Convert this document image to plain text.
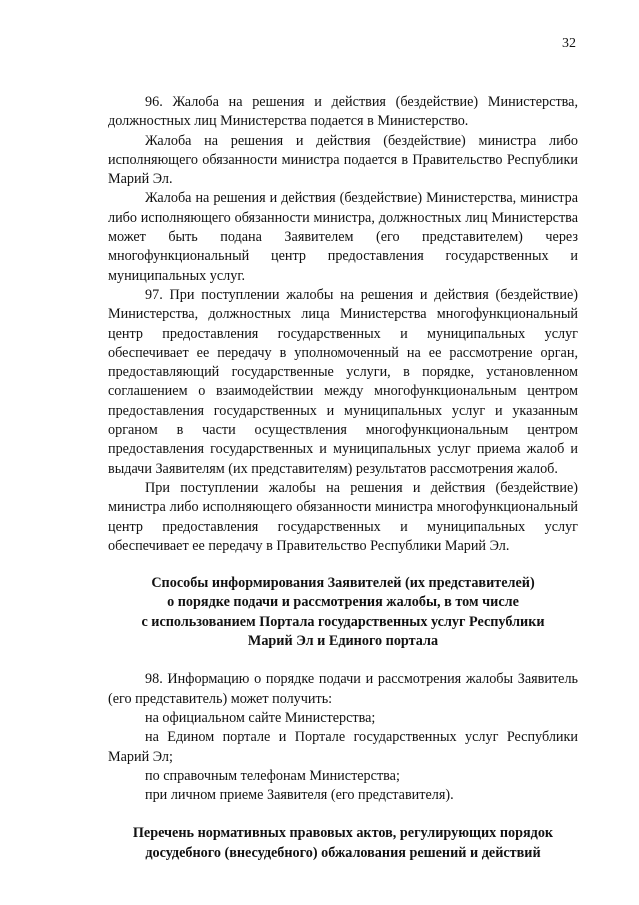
32

96. Жалоба на решения и действия (бездействие) Министерства, должностных лиц Министерства подается в Министерство.

Жалоба на решения и действия (бездействие) министра либо исполняющего обязанности министра подается в Правительство Республики Марий Эл.

Жалоба на решения и действия (бездействие) Министерства, министра либо исполняющего обязанности министра, должностных лиц Министерства может быть подана Заявителем (его представителем) через многофункциональный центр предоставления государственных и муниципальных услуг.

97. При поступлении жалобы на решения и действия (бездействие) Министерства, должностных лица Министерства многофункциональный центр предоставления государственных и муниципальных услуг обеспечивает ее передачу в уполномоченный на ее рассмотрение орган, предоставляющий государственные услуги, в порядке, установленном соглашением о взаимодействии между многофункциональным центром предоставления государственных и муниципальных услуг и указанным органом в части осуществления многофункциональным центром предоставления государственных и муниципальных услуг приема жалоб и выдачи Заявителям (их представителям) результатов рассмотрения жалоб.

При поступлении жалобы на решения и действия (бездействие) министра либо исполняющего обязанности министра многофункциональный центр предоставления государственных и муниципальных услуг обеспечивает ее передачу в Правительство Республики Марий Эл.

Способы информирования Заявителей (их представителей)
о порядке подачи и рассмотрения жалобы, в том числе
с использованием Портала государственных услуг Республики
Марий Эл и Единого портала

98. Информацию о порядке подачи и рассмотрения жалобы Заявитель (его представитель) может получить:

на официальном сайте Министерства;

на Едином портале и Портале государственных услуг Республики Марий Эл;

по справочным телефонам Министерства;

при личном приеме Заявителя (его представителя).

Перечень нормативных правовых актов, регулирующих порядок
досудебного (внесудебного) обжалования решений и действий
